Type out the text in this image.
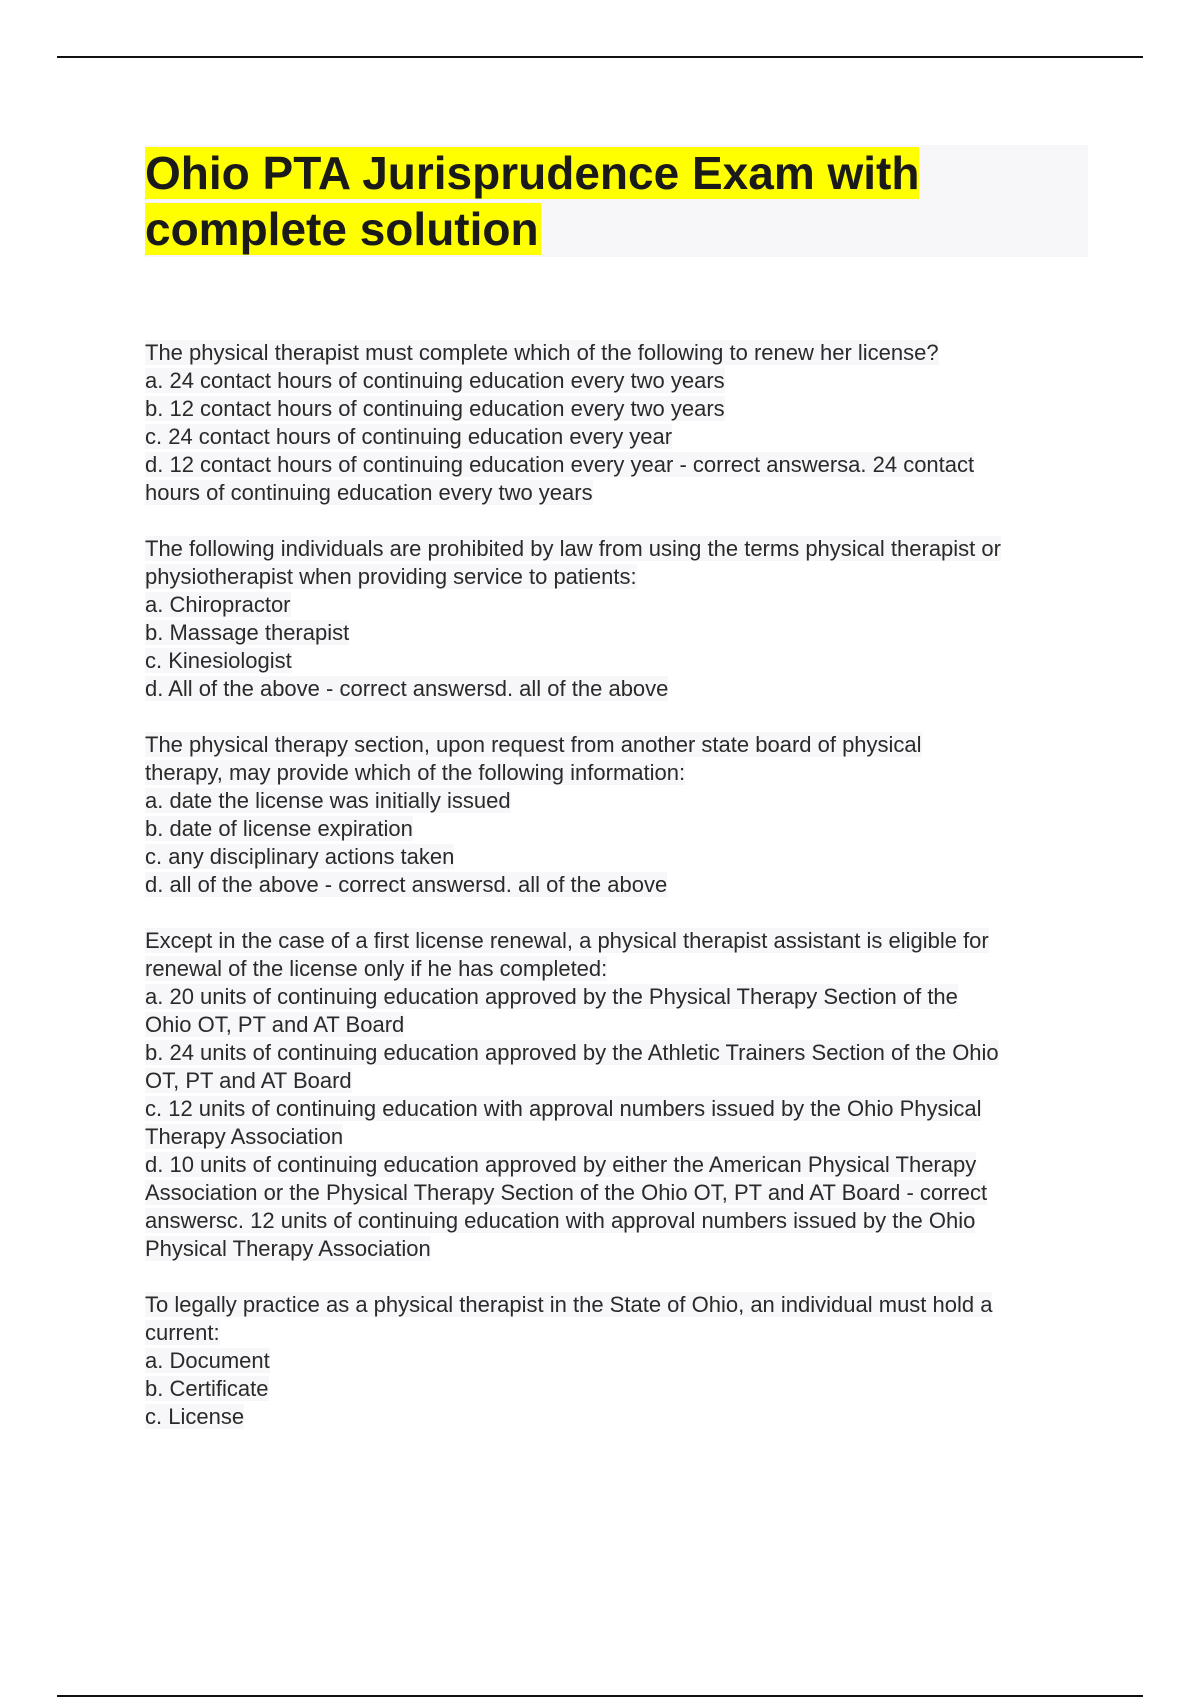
Ohio PTA Jurisprudence Exam with complete solution
The physical therapist must complete which of the following to renew her license?
a. 24 contact hours of continuing education every two years
b. 12 contact hours of continuing education every two years
c. 24 contact hours of continuing education every year
d. 12 contact hours of continuing education every year - correct answersa. 24 contact
hours of continuing education every two years
The following individuals are prohibited by law from using the terms physical therapist or
physiotherapist when providing service to patients:
a. Chiropractor
b. Massage therapist
c. Kinesiologist
d. All of the above - correct answersd. all of the above
The physical therapy section, upon request from another state board of physical
therapy, may provide which of the following information:
a. date the license was initially issued
b. date of license expiration
c. any disciplinary actions taken
d. all of the above - correct answersd. all of the above
Except in the case of a first license renewal, a physical therapist assistant is eligible for
renewal of the license only if he has completed:
a. 20 units of continuing education approved by the Physical Therapy Section of the
Ohio OT, PT and AT Board
b. 24 units of continuing education approved by the Athletic Trainers Section of the Ohio
OT, PT and AT Board
c. 12 units of continuing education with approval numbers issued by the Ohio Physical
Therapy Association
d. 10 units of continuing education approved by either the American Physical Therapy
Association or the Physical Therapy Section of the Ohio OT, PT and AT Board - correct
answersc. 12 units of continuing education with approval numbers issued by the Ohio
Physical Therapy Association
To legally practice as a physical therapist in the State of Ohio, an individual must hold a
current:
a. Document
b. Certificate
c. License
